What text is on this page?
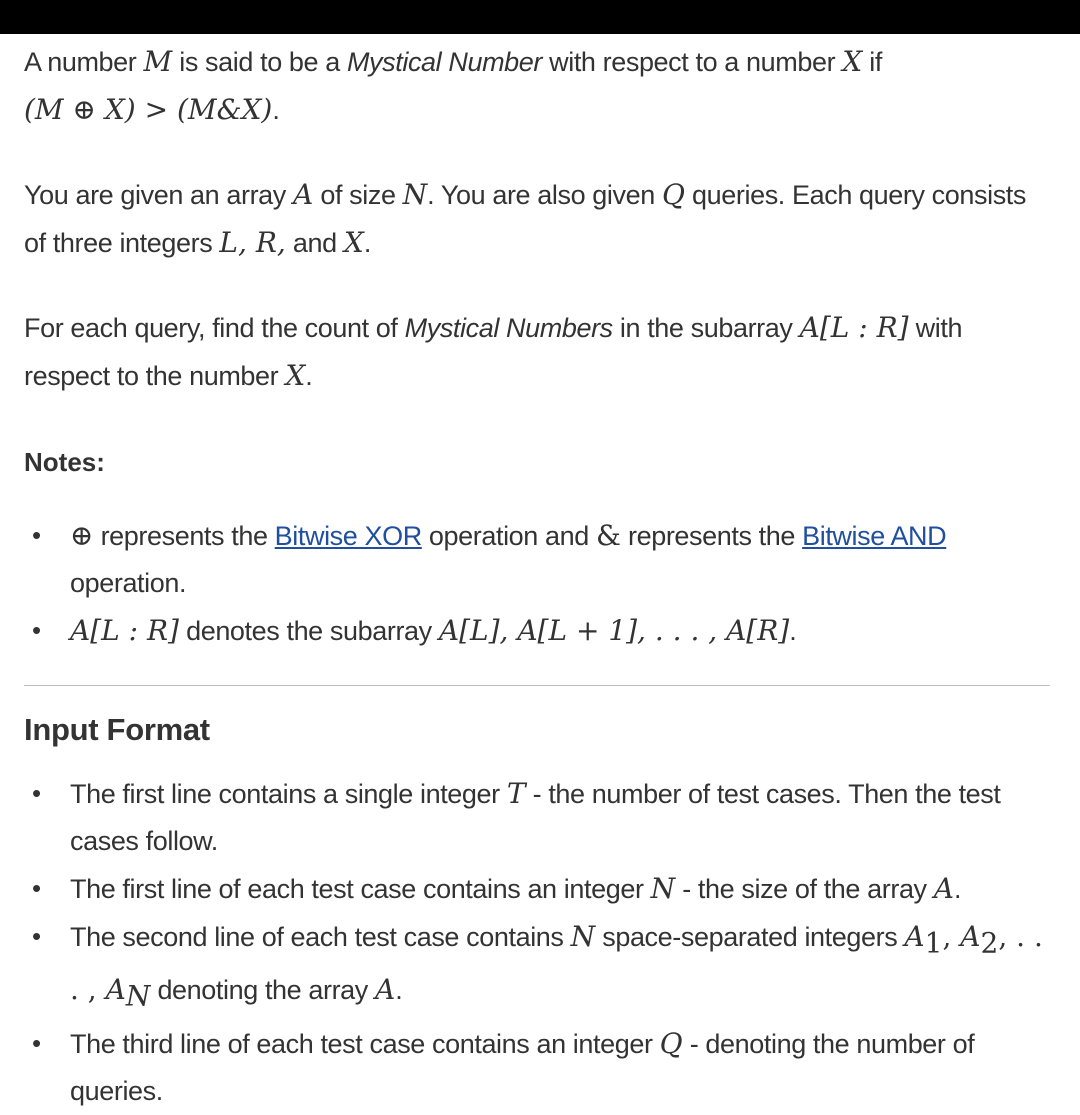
A number M is said to be a Mystical Number with respect to a number X if
(M ⊕ X) > (M&X).

You are given an array A of size N. You are also given Q queries. Each query consists of three integers L, R, and X.

For each query, find the count of Mystical Numbers in the subarray A[L : R] with respect to the number X.

Notes:
• ⊕ represents the Bitwise XOR operation and & represents the Bitwise AND operation.
• A[L : R] denotes the subarray A[L], A[L + 1], . . . , A[R].
Input Format
• The first line contains a single integer T - the number of test cases. Then the test cases follow.
• The first line of each test case contains an integer N - the size of the array A.
• The second line of each test case contains N space-separated integers $A_1$, $A_2$, . . . , $A_N$ denoting the array A.
• The third line of each test case contains an integer Q - denoting the number of queries.
